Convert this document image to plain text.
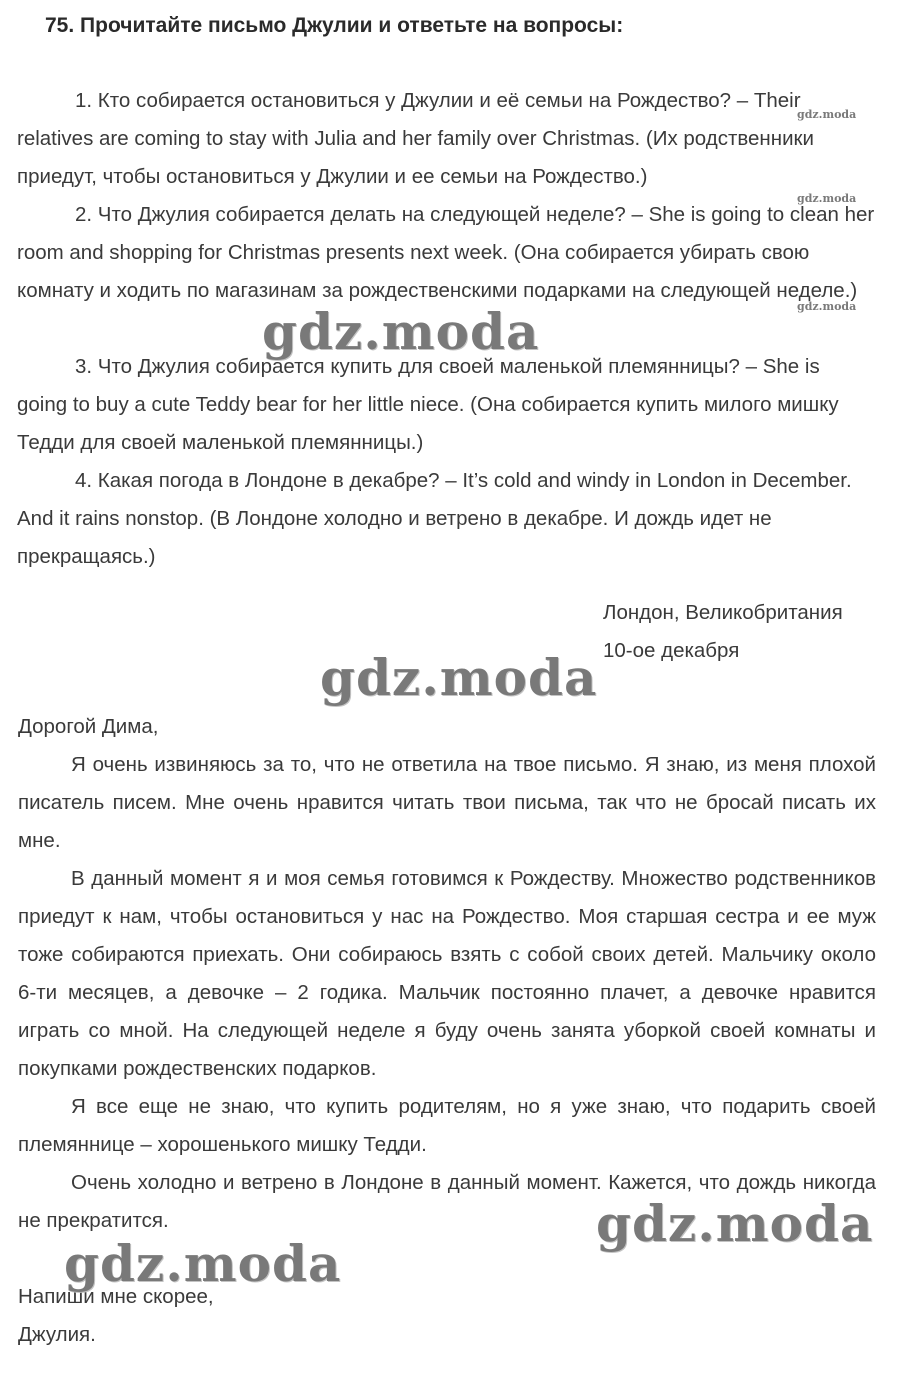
75. Прочитайте письмо Джулии и ответьте на вопросы:

1. Кто собирается остановиться у Джулии и её семьи на Рождество? – Their relatives are coming to stay with Julia and her family over Christmas. (Их родственники приедут, чтобы остановиться у Джулии и ее семьи на Рождество.)

2. Что Джулия собирается делать на следующей неделе? – She is going to clean her room and shopping for Christmas presents next week. (Она собирается убирать свою комнату и ходить по магазинам за рождественскими подарками на следующей неделе.)

3. Что Джулия собирается купить для своей маленькой племянницы? – She is going to buy a cute Teddy bear for her little niece. (Она собирается купить милого мишку Тедди для своей маленькой племянницы.)

4. Какая погода в Лондоне в декабре? – It’s cold and windy in London in December. And it rains nonstop. (В Лондоне холодно и ветрено в декабре. И дождь идет не прекращаясь.)

Лондон, Великобритания
10-ое декабря
Дорогой Дима,

Я очень извиняюсь за то, что не ответила на твое письмо. Я знаю, из меня плохой писатель писем. Мне очень нравится читать твои письма, так что не бросай писать их мне.

В данный момент я и моя семья готовимся к Рождеству. Множество родственников приедут к нам, чтобы остановиться у нас на Рождество. Моя старшая сестра и ее муж тоже собираются приехать. Они собираюсь взять с собой своих детей. Мальчику около 6-ти месяцев, а девочке – 2 годика. Мальчик постоянно плачет, а девочке нравится играть со мной. На следующей неделе я буду очень занята уборкой своей комнаты и покупками рождественских подарков.

Я все еще не знаю, что купить родителям, но я уже знаю, что подарить своей племяннице – хорошенького мишку Тедди.

Очень холодно и ветрено в Лондоне в данный момент. Кажется, что дождь никогда не прекратится.

Напиши мне скорее,
Джулия.
gdz.moda
gdz.moda
gdz.moda
gdz.moda
gdz.moda
gdz.moda
gdz.moda
